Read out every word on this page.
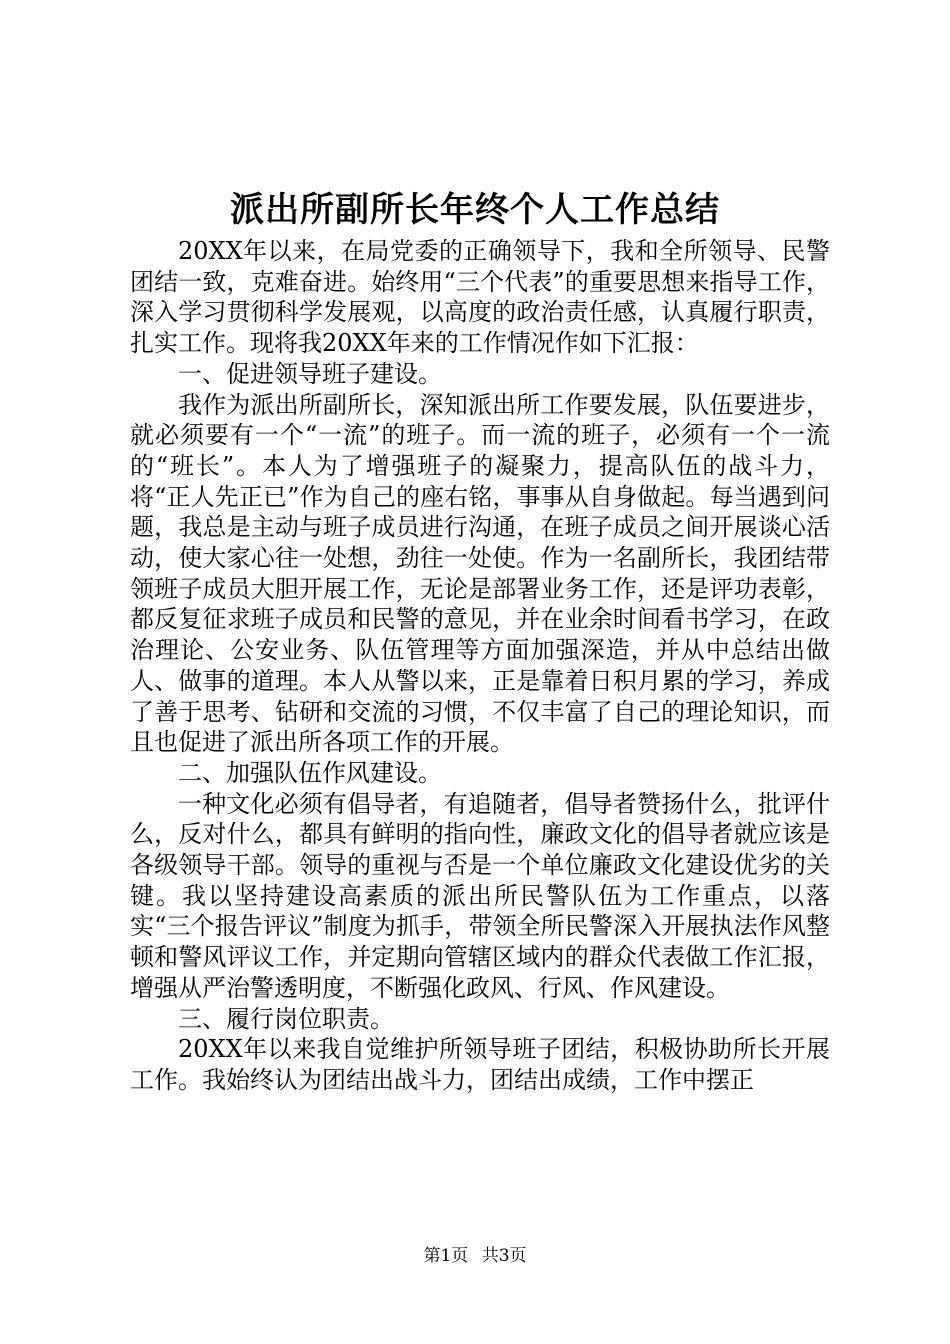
派出所副所长年终个人工作总结

20XX年以来，在局党委的正确领导下，我和全所领导、民警团结一致，克难奋进。始终用“三个代表”的重要思想来指导工作，深入学习贯彻科学发展观，以高度的政治责任感，认真履行职责，扎实工作。现将我20XX年来的工作情况作如下汇报：

一、促进领导班子建设。

我作为派出所副所长，深知派出所工作要发展，队伍要进步，就必须要有一个“一流”的班子。而一流的班子，必须有一个一流的“班长”。本人为了增强班子的凝聚力，提高队伍的战斗力，将“正人先正已”作为自己的座右铭，事事从自身做起。每当遇到问题，我总是主动与班子成员进行沟通，在班子成员之间开展谈心活动，使大家心往一处想，劲往一处使。作为一名副所长，我团结带领班子成员大胆开展工作，无论是部署业务工作，还是评功表彰，都反复征求班子成员和民警的意见，并在业余时间看书学习，在政治理论、公安业务、队伍管理等方面加强深造，并从中总结出做人、做事的道理。本人从警以来，正是靠着日积月累的学习，养成了善于思考、钻研和交流的习惯，不仅丰富了自己的理论知识，而且也促进了派出所各项工作的开展。

二、加强队伍作风建设。

一种文化必须有倡导者，有追随者，倡导者赞扬什么，批评什么，反对什么，都具有鲜明的指向性，廉政文化的倡导者就应该是各级领导干部。领导的重视与否是一个单位廉政文化建设优劣的关键。我以坚持建设高素质的派出所民警队伍为工作重点，以落实“三个报告评议”制度为抓手，带领全所民警深入开展执法作风整顿和警风评议工作，并定期向管辖区域内的群众代表做工作汇报，增强从严治警透明度，不断强化政风、行风、作风建设。

三、履行岗位职责。

20XX年以来我自觉维护所领导班子团结，积极协助所长开展工作。我始终认为团结出战斗力，团结出成绩，工作中摆正

第1页 共3页
